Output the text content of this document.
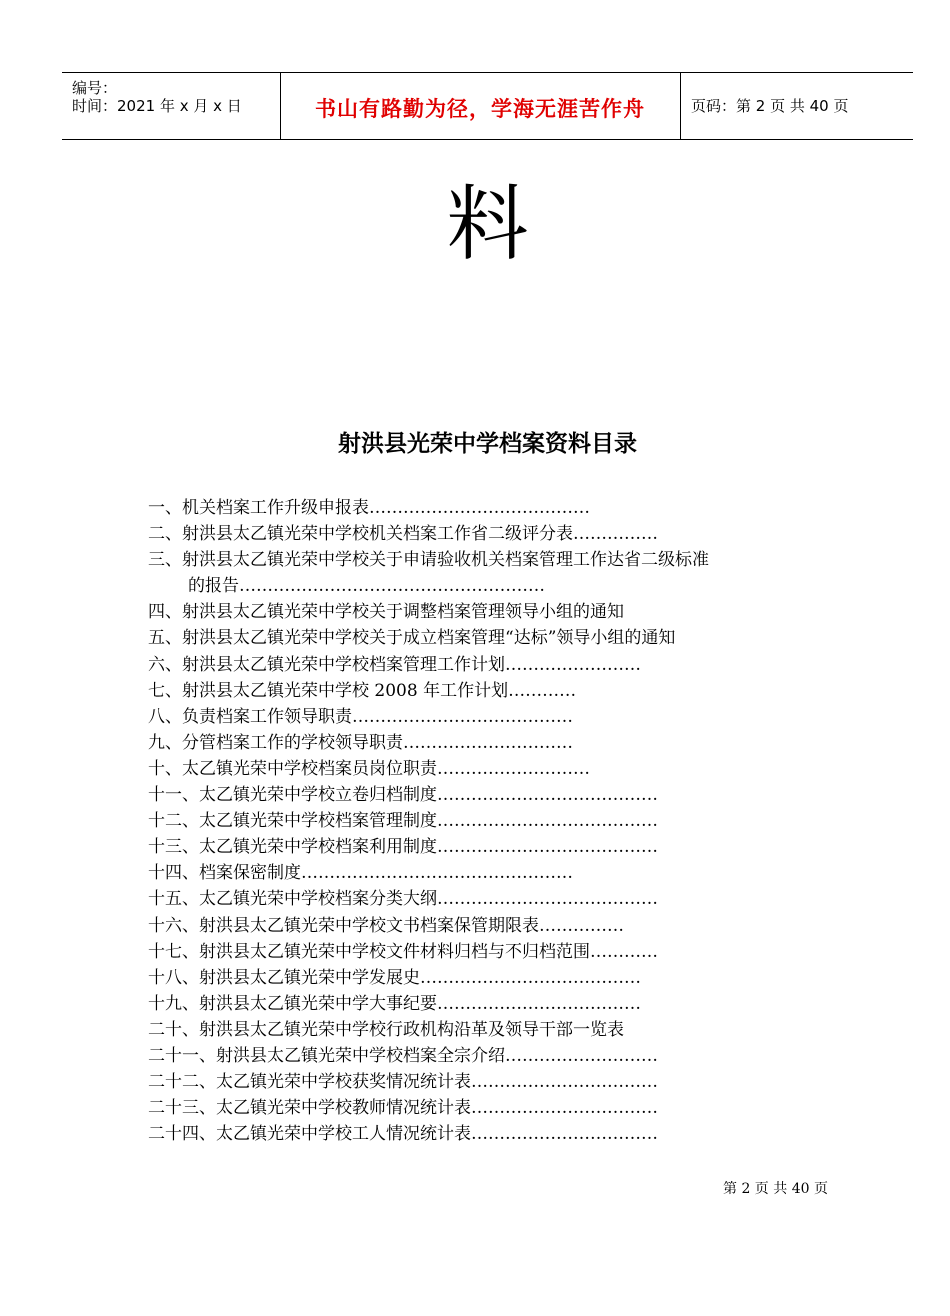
编号：
时间：2021 年 x 月 x 日	书山有路勤为径，学海无涯苦作舟	页码：第 2 页 共 40 页
料
射洪县光荣中学档案资料目录
一、机关档案工作升级申报表…………………………………
二、射洪县太乙镇光荣中学校机关档案工作省二级评分表……………
三、射洪县太乙镇光荣中学校关于申请验收机关档案管理工作达省二级标准
的报告………………………………………………
四、射洪县太乙镇光荣中学校关于调整档案管理领导小组的通知
五、射洪县太乙镇光荣中学校关于成立档案管理“达标”领导小组的通知
六、射洪县太乙镇光荣中学校档案管理工作计划……………………
七、射洪县太乙镇光荣中学校 2008 年工作计划…………
八、负责档案工作领导职责…………………………………
九、分管档案工作的学校领导职责…………………………
十、太乙镇光荣中学校档案员岗位职责………………………
十一、太乙镇光荣中学校立卷归档制度…………………………………
十二、太乙镇光荣中学校档案管理制度…………………………………
十三、太乙镇光荣中学校档案利用制度…………………………………
十四、档案保密制度…………………………………………
十五、太乙镇光荣中学校档案分类大纲…………………………………
十六、射洪县太乙镇光荣中学校文书档案保管期限表……………
十七、射洪县太乙镇光荣中学校文件材料归档与不归档范围…………
十八、射洪县太乙镇光荣中学发展史…………………………………
十九、射洪县太乙镇光荣中学大事纪要………………………………
二十、射洪县太乙镇光荣中学校行政机构沿革及领导干部一览表
二十一、射洪县太乙镇光荣中学校档案全宗介绍………………………
二十二、太乙镇光荣中学校获奖情况统计表……………………………
二十三、太乙镇光荣中学校教师情况统计表……………………………
二十四、太乙镇光荣中学校工人情况统计表……………………………
第 2 页 共 40 页
